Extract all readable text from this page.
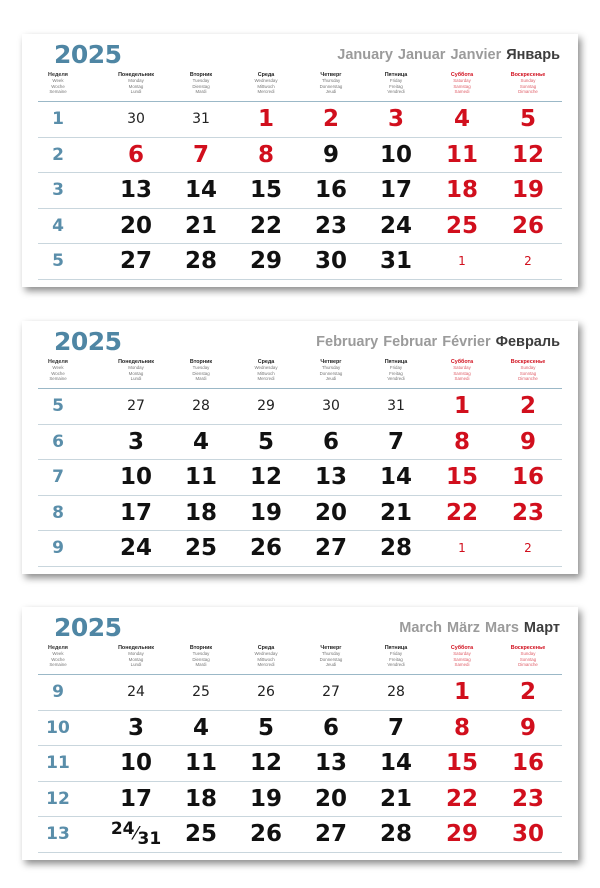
2025	January Januar Janvier Январь
Неделя
Week
Woche
Semaine
Понедельник
Monday
Montag
Lundi
Вторник
Tuesday
Dienstag
Mardi
Среда
Wednesday
Mittwoch
Mercredi
Четверг
Thursday
Donnerstag
Jeudi
Пятница
Friday
Freitag
Vendredi
Суббота
Saturday
Samstag
Samedi
Воскресенье
Sunday
Sonntag
Dimanche
1	30	31	1	2	3	4	5
2	6	7	8	9	10	11	12
3	13	14	15	16	17	18	19
4	20	21	22	23	24	25	26
5	27	28	29	30	31	1	2
2025	February Februar Février Февраль
Неделя
Week
Woche
Semaine
Понедельник
Monday
Montag
Lundi
Вторник
Tuesday
Dienstag
Mardi
Среда
Wednesday
Mittwoch
Mercredi
Четверг
Thursday
Donnerstag
Jeudi
Пятница
Friday
Freitag
Vendredi
Суббота
Saturday
Samstag
Samedi
Воскресенье
Sunday
Sonntag
Dimanche
5	27	28	29	30	31	1	2
6	3	4	5	6	7	8	9
7	10	11	12	13	14	15	16
8	17	18	19	20	21	22	23
9	24	25	26	27	28	1	2
2025	March März Mars Март
Неделя
Week
Woche
Semaine
Понедельник
Monday
Montag
Lundi
Вторник
Tuesday
Dienstag
Mardi
Среда
Wednesday
Mittwoch
Mercredi
Четверг
Thursday
Donnerstag
Jeudi
Пятница
Friday
Freitag
Vendredi
Суббота
Saturday
Samstag
Samedi
Воскресенье
Sunday
Sonntag
Dimanche
9	24	25	26	27	28	1	2
10	3	4	5	6	7	8	9
11	10	11	12	13	14	15	16
12	17	18	19	20	21	22	23
13	24⁄31	25	26	27	28	29	30
